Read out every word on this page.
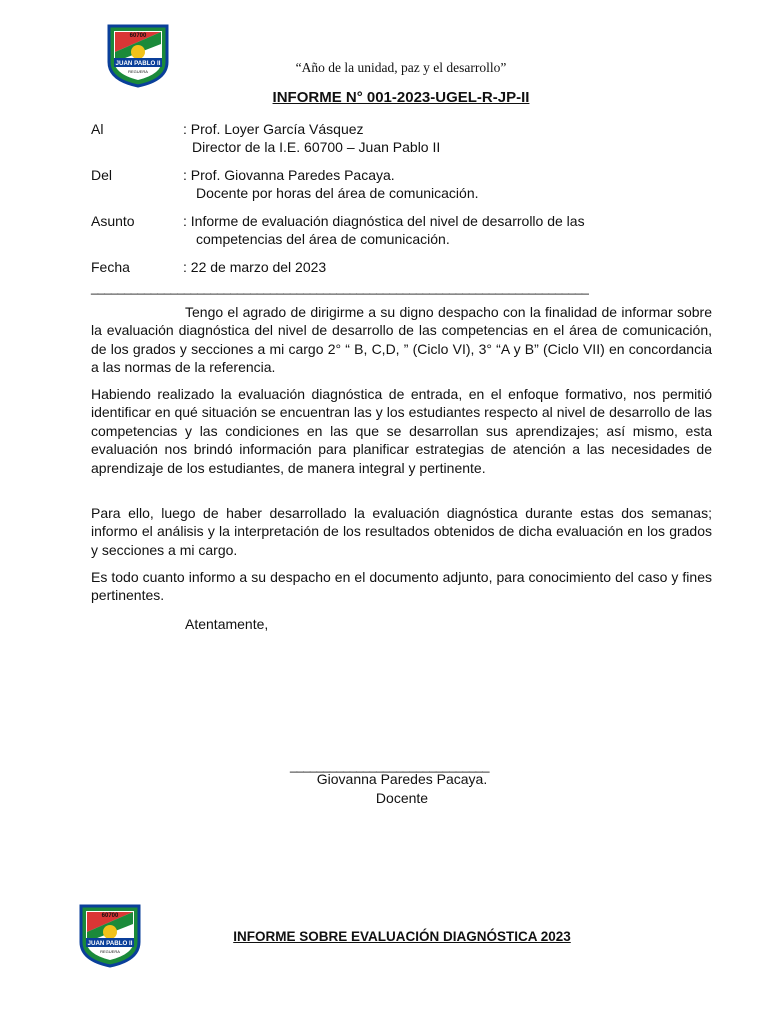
60700
JUAN PABLO II
REGUERA	“Año de la unidad, paz y el desarrollo”
INFORME N° 001-2023-UGEL-R-JP-II
Al	: Prof. Loyer García Vásquez
Director de la I.E. 60700 – Juan Pablo II
Del	: Prof. Giovanna Paredes Pacaya.
Docente por horas del área de comunicación.
Asunto	: Informe de evaluación diagnóstica del nivel de desarrollo de las
competencias del área de comunicación.
Fecha	: 22 de marzo del 2023
___________________________________________________________________________

Tengo el agrado de dirigirme a su digno despacho con la finalidad de informar sobre la evaluación diagnóstica del nivel de desarrollo de las competencias en el área de comunicación, de los grados y secciones a mi cargo 2° “ B, C,D, ” (Ciclo VI), 3° “A y B” (Ciclo VII) en concordancia a las normas de la referencia.

Habiendo realizado la evaluación diagnóstica de entrada, en el enfoque formativo, nos permitió identificar en qué situación se encuentran las y los estudiantes respecto al nivel de desarrollo de las competencias y las condiciones en las que se desarrollan sus aprendizajes; así mismo, esta evaluación nos brindó información para planificar estrategias de atención a las necesidades de aprendizaje de los estudiantes, de manera integral y pertinente.

Para ello, luego de haber desarrollado la evaluación diagnóstica durante estas dos semanas; informo el análisis y la interpretación de los resultados obtenidos de dicha evaluación en los grados y secciones a mi cargo.

Es todo cuanto informo a su despacho en el documento adjunto, para conocimiento del caso y fines pertinentes.

Atentamente,
______________________________
Giovanna Paredes Pacaya.
Docente
60700
JUAN PABLO II
REGUERA
INFORME SOBRE EVALUACIÓN DIAGNÓSTICA 2023
